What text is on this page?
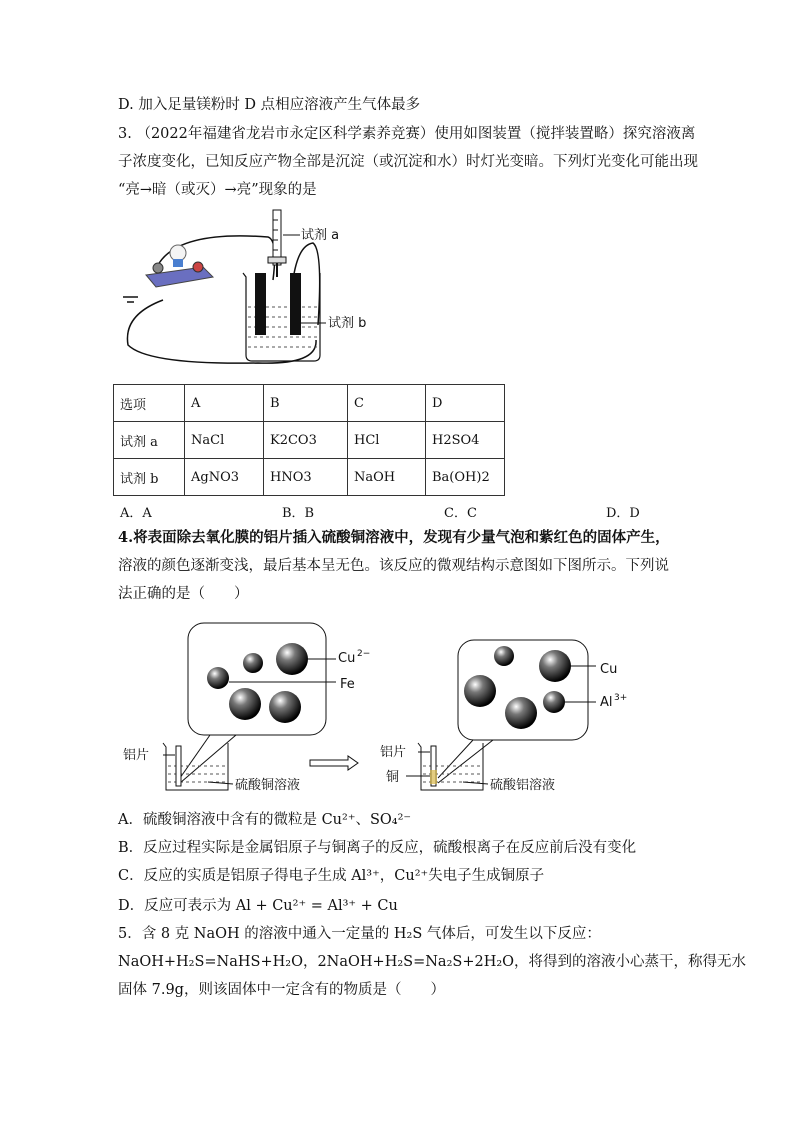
D. 加入足量镁粉时 D 点相应溶液产生气体最多
3. （2022年福建省龙岩市永定区科学素养竞赛）使用如图装置（搅拌装置略）探究溶液离
子浓度变化，已知反应产物全部是沉淀（或沉淀和水）时灯光变暗。下列灯光变化可能出现
“亮→暗（或灭）→亮”现象的是
试剂 a
试剂 b
选项	A	B	C	D
试剂 a	NaCl	K2CO3	HCl	H2SO4
试剂 b	AgNO3	HNO3	NaOH	Ba(OH)2
A．A	B．B	C．C	D．D
4.将表面除去氧化膜的铝片插入硫酸铜溶液中，发现有少量气泡和紫红色的固体产生，
溶液的颜色逐渐变浅，最后基本呈无色。该反应的微观结构示意图如下图所示。下列说
法正确的是（　　）
Cu 2−
Fe
铝片
硫酸铜溶液
Cu
Al 3+
铝片
铜
硫酸铝溶液
A．硫酸铜溶液中含有的微粒是 Cu²⁺、SO₄²⁻
B．反应过程实际是金属铝原子与铜离子的反应，硫酸根离子在反应前后没有变化
C．反应的实质是铝原子得电子生成 Al³⁺，Cu²⁺失电子生成铜原子
D．反应可表示为 Al + Cu²⁺ = Al³⁺ + Cu
5．含 8 克 NaOH 的溶液中通入一定量的 H₂S 气体后，可发生以下反应：
NaOH+H₂S=NaHS+H₂O，2NaOH+H₂S=Na₂S+2H₂O，将得到的溶液小心蒸干，称得无水
固体 7.9g，则该固体中一定含有的物质是（　　）
